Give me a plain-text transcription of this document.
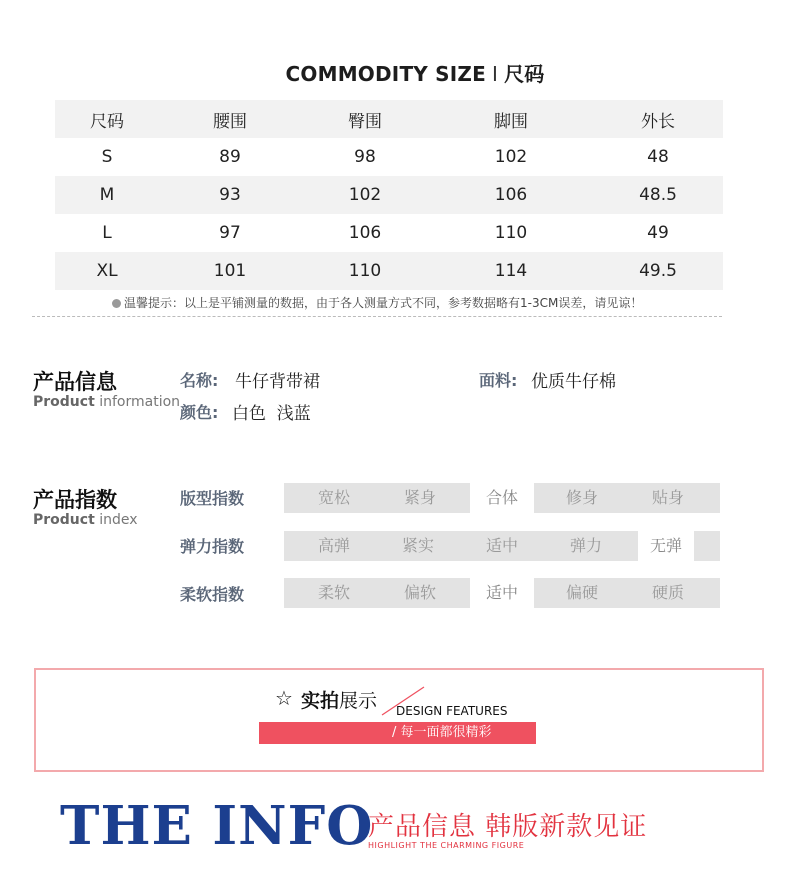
COMMODITY SIZE I 尺码
尺码	腰围	臀围	脚围	外长
S	89	98	102	48
M	93	102	106	48.5
L	97	106	110	49
XL	101	110	114	49.5
温馨提示：以上是平铺测量的数据，由于各人测量方式不同，参考数据略有1-3CM误差，请见谅！
产品信息
Product information
名称: 牛仔背带裙
颜色: 白色  浅蓝
面料: 优质牛仔棉
产品指数
Product index
版型指数	宽松	紧身	合体	修身	贴身
弹力指数	高弹	紧实	适中	弹力	无弹
柔软指数	柔软	偏软	适中	偏硬	硬质
☆ 实拍展示 DESIGN FEATURES
/ 每一面都很精彩
THE INFO
产品信息 韩版新款见证
HIGHLIGHT THE CHARMING FIGURE
